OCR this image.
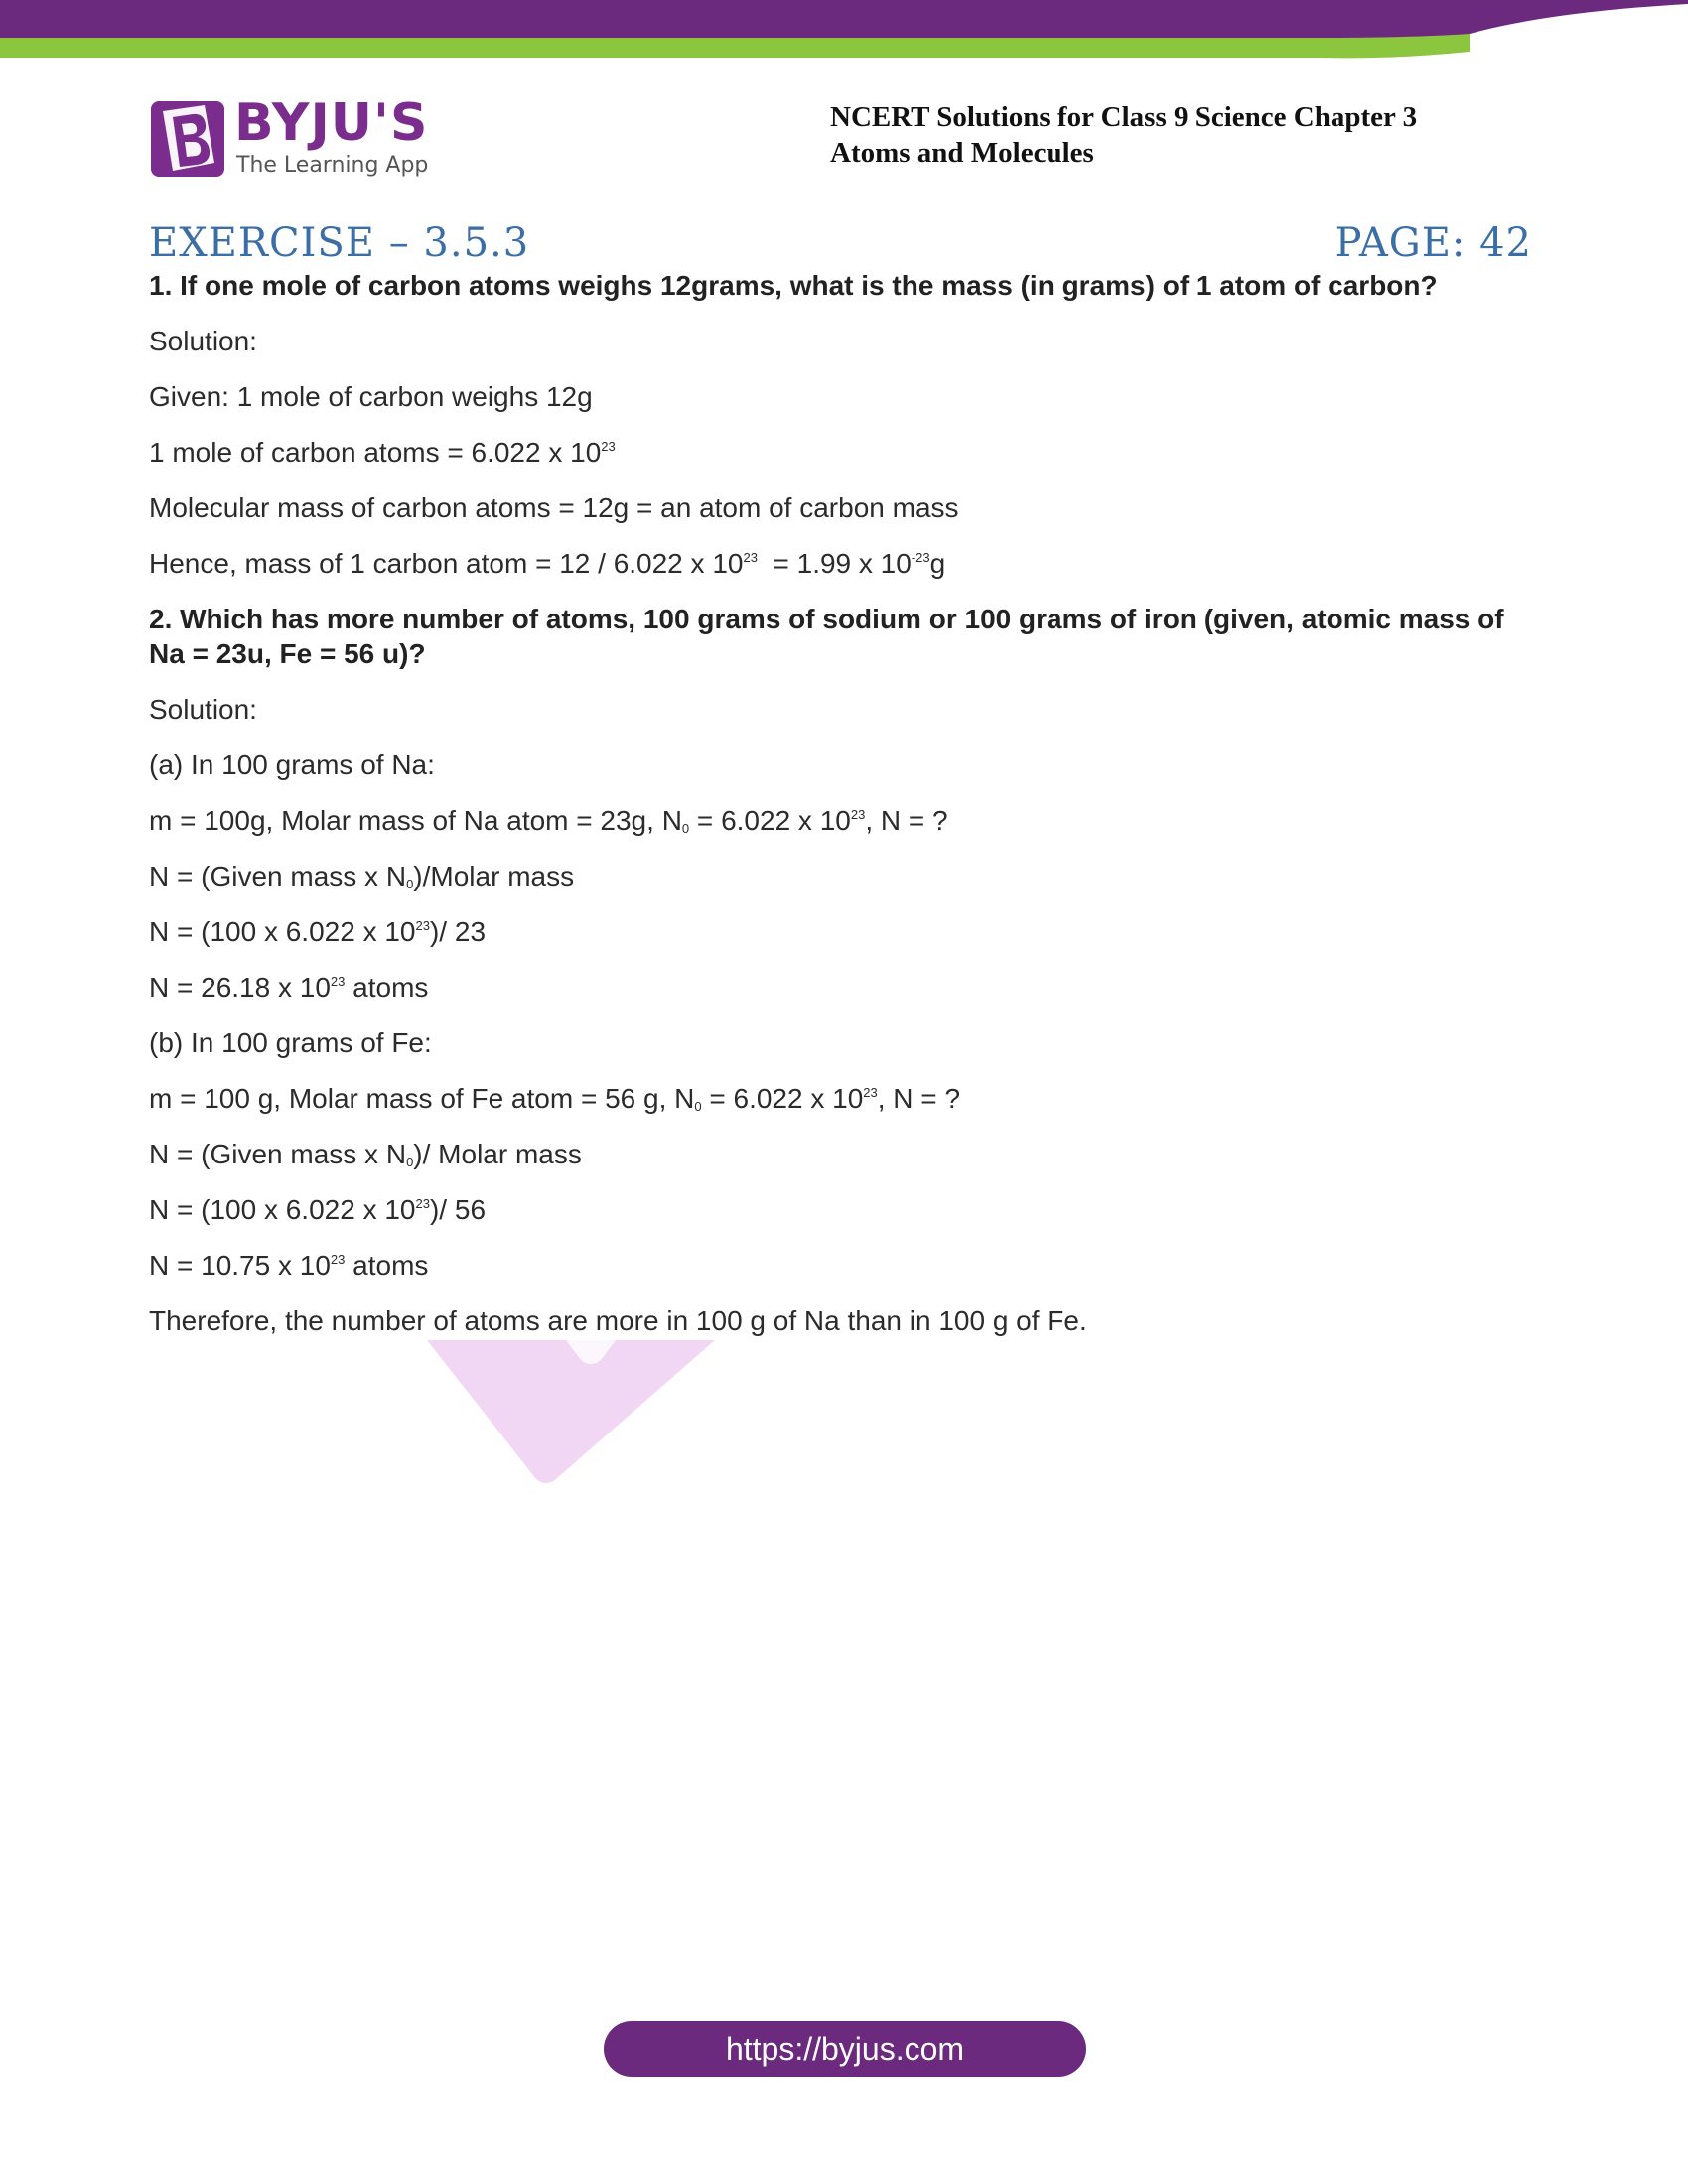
BYJU'S
The Learning App
NCERT Solutions for Class 9 Science Chapter 3
Atoms and Molecules
EXERCISE – 3.5.3	PAGE: 42

1. If one mole of carbon atoms weighs 12grams, what is the mass (in grams) of 1 atom of carbon?

Solution:

Given: 1 mole of carbon weighs 12g

1 mole of carbon atoms = 6.022 x $10^{23}$

Molecular mass of carbon atoms = 12g = an atom of carbon mass

Hence, mass of 1 carbon atom = 12 / 6.022 x $10^{23} = 1.99$ x $10^{-23}g$

2. Which has more number of atoms, 100 grams of sodium or 100 grams of iron (given, atomic mass of Na = 23u, Fe = 56 u)?

Solution:

(a) In 100 grams of Na:

m = 100g, Molar mass of Na atom = 23g, $N_0 = 6.022$ x $10^{23}$, N = ?

N = (Given mass x $N_0$)/Molar mass

N = (100 x 6.022 x $10^{23})/$ 23

N = 26.18 x $10^{23}$ atoms

(b) In 100 grams of Fe:

m = 100 g, Molar mass of Fe atom = 56 g, $N_0 = 6.022$ x $10^{23}$, N = ?

N = (Given mass x $N_0)/$ Molar mass

N = (100 x 6.022 x $10^{23})/$ 56

N = 10.75 x $10^{23}$ atoms

Therefore, the number of atoms are more in 100 g of Na than in 100 g of Fe.

https://byjus.com
